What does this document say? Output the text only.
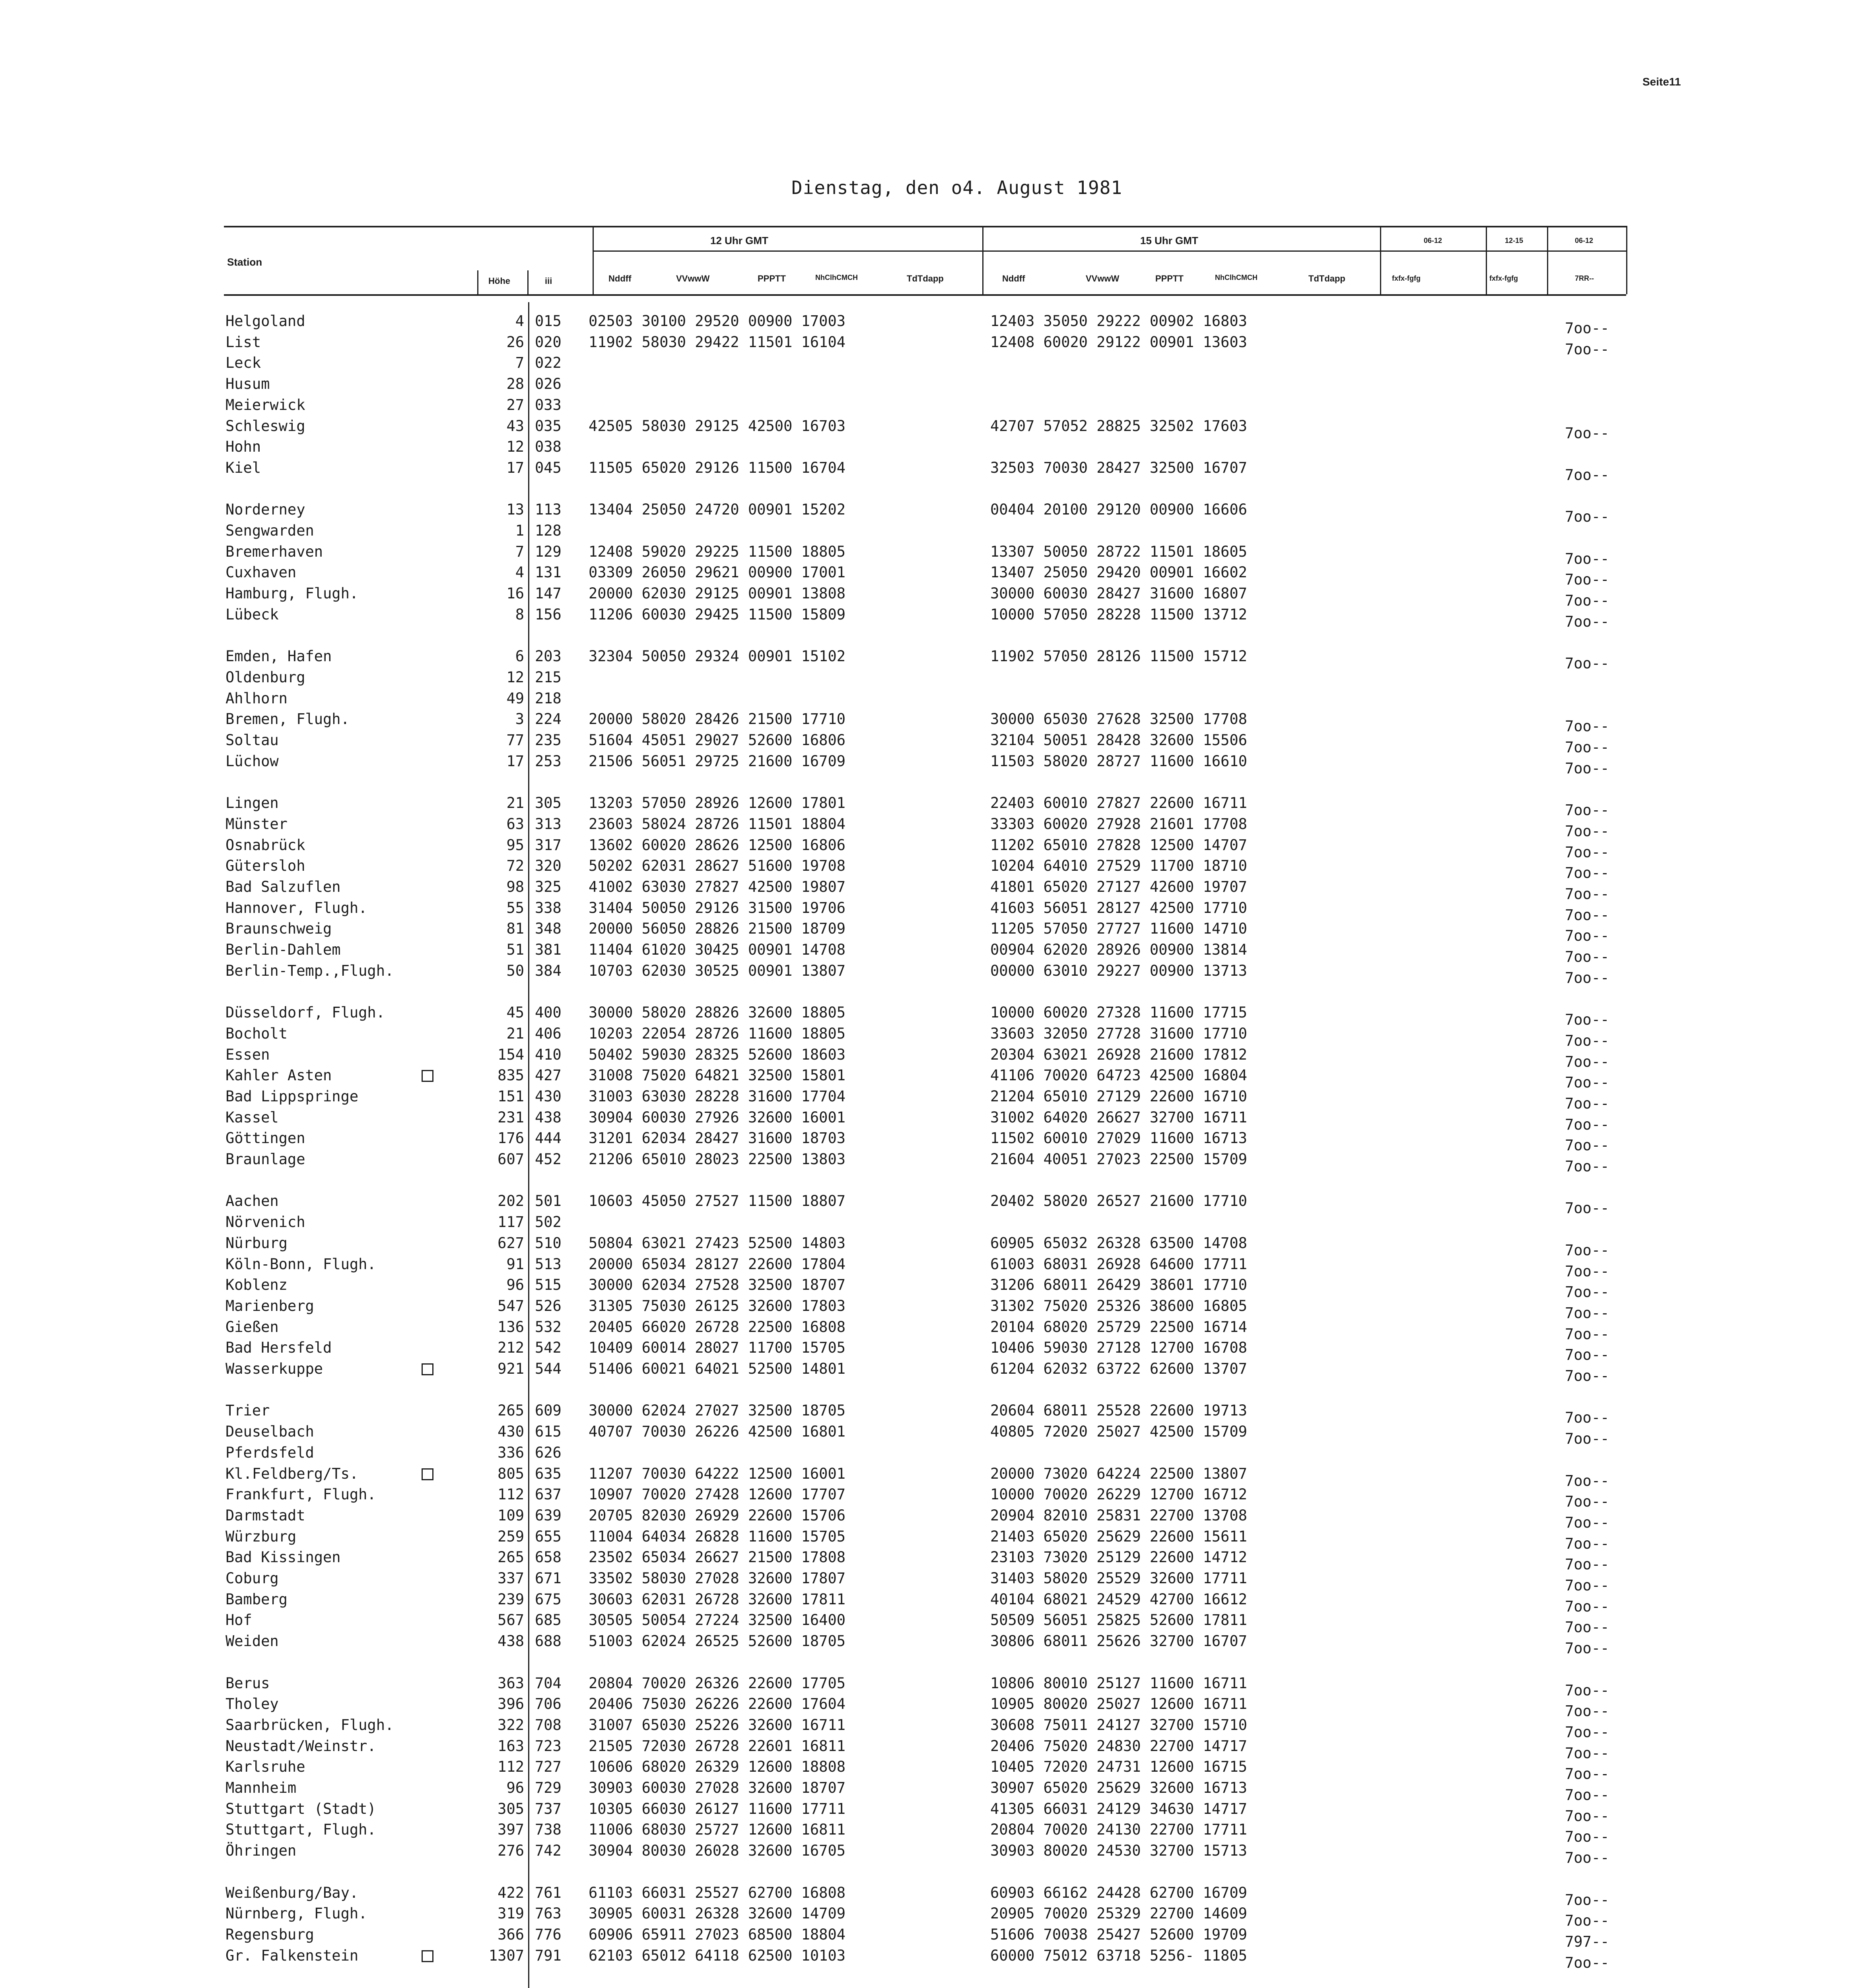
Seite11
Dienstag, den o4. August 1981
Station
Höhe	iii
12 Uhr GMT	15 Uhr GMT
Nddff	VVwwW	PPPTT	NhClhCMCH	TdTdapp	Nddff	VVwwW	PPPTT	NhClhCMCH	TdTdapp
06-12	12-15	06-12
fxfx-fgfg	fxfx-fgfg	7RR--
Helgoland	4 015 02503 30100 29520 00900 17003	12403 35050 29222 00902 16803	7oo--
List	26 020 11902 58030 29422 11501 16104	12408 60020 29122 00901 13603	7oo--
Leck	7 022
Husum	28 026
Meierwick	27 033
Schleswig	43 035 42505 58030 29125 42500 16703	42707 57052 28825 32502 17603	7oo--
Hohn	12 038
Kiel	17 045 11505 65020 29126 11500 16704	32503 70030 28427 32500 16707	7oo--
Norderney	13 113 13404 25050 24720 00901 15202	00404 20100 29120 00900 16606	7oo--
Sengwarden	1 128
Bremerhaven	7 129 12408 59020 29225 11500 18805	13307 50050 28722 11501 18605	7oo--
Cuxhaven	4 131 03309 26050 29621 00900 17001	13407 25050 29420 00901 16602	7oo--
Hamburg, Flugh.	16 147 20000 62030 29125 00901 13808	30000 60030 28427 31600 16807	7oo--
Lübeck	8 156 11206 60030 29425 11500 15809	10000 57050 28228 11500 13712	7oo--
Emden, Hafen	6 203 32304 50050 29324 00901 15102	11902 57050 28126 11500 15712	7oo--
Oldenburg	12 215
Ahlhorn	49 218
Bremen, Flugh.	3 224 20000 58020 28426 21500 17710	30000 65030 27628 32500 17708	7oo--
Soltau	77 235 51604 45051 29027 52600 16806	32104 50051 28428 32600 15506	7oo--
Lüchow	17 253 21506 56051 29725 21600 16709	11503 58020 28727 11600 16610	7oo--
Lingen	21 305 13203 57050 28926 12600 17801	22403 60010 27827 22600 16711	7oo--
Münster	63 313 23603 58024 28726 11501 18804	33303 60020 27928 21601 17708	7oo--
Osnabrück	95 317 13602 60020 28626 12500 16806	11202 65010 27828 12500 14707	7oo--
Gütersloh	72 320 50202 62031 28627 51600 19708	10204 64010 27529 11700 18710	7oo--
Bad Salzuflen	98 325 41002 63030 27827 42500 19807	41801 65020 27127 42600 19707	7oo--
Hannover, Flugh.	55 338 31404 50050 29126 31500 19706	41603 56051 28127 42500 17710	7oo--
Braunschweig	81 348 20000 56050 28826 21500 18709	11205 57050 27727 11600 14710	7oo--
Berlin-Dahlem	51 381 11404 61020 30425 00901 14708	00904 62020 28926 00900 13814	7oo--
Berlin-Temp.,Flugh.	50 384 10703 62030 30525 00901 13807	00000 63010 29227 00900 13713	7oo--
Düsseldorf, Flugh.	45 400 30000 58020 28826 32600 18805	10000 60020 27328 11600 17715	7oo--
Bocholt	21 406 10203 22054 28726 11600 18805	33603 32050 27728 31600 17710	7oo--
Essen	154 410 50402 59030 28325 52600 18603	20304 63021 26928 21600 17812	7oo--
Kahler Asten	835 427 31008 75020 64821 32500 15801	41106 70020 64723 42500 16804	7oo--
Bad Lippspringe	151 430 31003 63030 28228 31600 17704	21204 65010 27129 22600 16710	7oo--
Kassel	231 438 30904 60030 27926 32600 16001	31002 64020 26627 32700 16711	7oo--
Göttingen	176 444 31201 62034 28427 31600 18703	11502 60010 27029 11600 16713	7oo--
Braunlage	607 452 21206 65010 28023 22500 13803	21604 40051 27023 22500 15709	7oo--
Aachen	202 501 10603 45050 27527 11500 18807	20402 58020 26527 21600 17710	7oo--
Nörvenich	117 502
Nürburg	627 510 50804 63021 27423 52500 14803	60905 65032 26328 63500 14708	7oo--
Köln-Bonn, Flugh.	91 513 20000 65034 28127 22600 17804	61003 68031 26928 64600 17711	7oo--
Koblenz	96 515 30000 62034 27528 32500 18707	31206 68011 26429 38601 17710	7oo--
Marienberg	547 526 31305 75030 26125 32600 17803	31302 75020 25326 38600 16805	7oo--
Gießen	136 532 20405 66020 26728 22500 16808	20104 68020 25729 22500 16714	7oo--
Bad Hersfeld	212 542 10409 60014 28027 11700 15705	10406 59030 27128 12700 16708	7oo--
Wasserkuppe	921 544 51406 60021 64021 52500 14801	61204 62032 63722 62600 13707	7oo--
Trier	265 609 30000 62024 27027 32500 18705	20604 68011 25528 22600 19713	7oo--
Deuselbach	430 615 40707 70030 26226 42500 16801	40805 72020 25027 42500 15709	7oo--
Pferdsfeld	336 626
Kl.Feldberg/Ts.	805 635 11207 70030 64222 12500 16001	20000 73020 64224 22500 13807	7oo--
Frankfurt, Flugh.	112 637 10907 70020 27428 12600 17707	10000 70020 26229 12700 16712	7oo--
Darmstadt	109 639 20705 82030 26929 22600 15706	20904 82010 25831 22700 13708	7oo--
Würzburg	259 655 11004 64034 26828 11600 15705	21403 65020 25629 22600 15611	7oo--
Bad Kissingen	265 658 23502 65034 26627 21500 17808	23103 73020 25129 22600 14712	7oo--
Coburg	337 671 33502 58030 27028 32600 17807	31403 58020 25529 32600 17711	7oo--
Bamberg	239 675 30603 62031 26728 32600 17811	40104 68021 24529 42700 16612	7oo--
Hof	567 685 30505 50054 27224 32500 16400	50509 56051 25825 52600 17811	7oo--
Weiden	438 688 51003 62024 26525 52600 18705	30806 68011 25626 32700 16707	7oo--
Berus	363 704 20804 70020 26326 22600 17705	10806 80010 25127 11600 16711	7oo--
Tholey	396 706 20406 75030 26226 22600 17604	10905 80020 25027 12600 16711	7oo--
Saarbrücken, Flugh.	322 708 31007 65030 25226 32600 16711	30608 75011 24127 32700 15710	7oo--
Neustadt/Weinstr.	163 723 21505 72030 26728 22601 16811	20406 75020 24830 22700 14717	7oo--
Karlsruhe	112 727 10606 68020 26329 12600 18808	10405 72020 24731 12600 16715	7oo--
Mannheim	96 729 30903 60030 27028 32600 18707	30907 65020 25629 32600 16713	7oo--
Stuttgart (Stadt)	305 737 10305 66030 26127 11600 17711	41305 66031 24129 34630 14717	7oo--
Stuttgart, Flugh.	397 738 11006 68030 25727 12600 16811	20804 70020 24130 22700 17711	7oo--
Öhringen	276 742 30904 80030 26028 32600 16705	30903 80020 24530 32700 15713	7oo--
Weißenburg/Bay.	422 761 61103 66031 25527 62700 16808	60903 66162 24428 62700 16709	7oo--
Nürnberg, Flugh.	319 763 30905 60031 26328 32600 14709	20905 70020 25329 22700 14609	7oo--
Regensburg	366 776 60906 65911 27023 68500 18804	51606 70038 25427 52600 19709	797--
Gr. Falkenstein	1307 791 62103 65012 64118 62500 10103	60000 75012 63718 5256- 11805	7oo--
